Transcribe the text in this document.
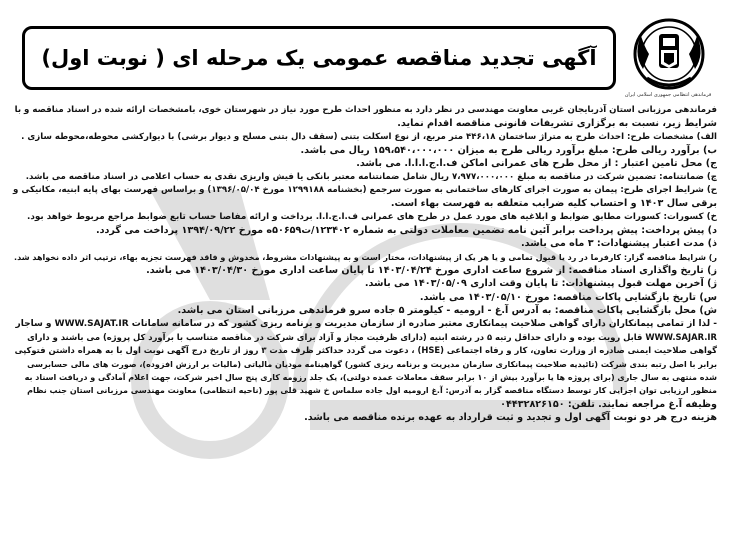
آگهی تجدید مناقصه عمومی یک مرحله ای ( نوبت اول)
فرماندهی انتظامی جمهوری اسلامی ایران

فرماندهی مرزبانی استان آذربایجان غربی معاونت مهندسی در نظر دارد به منظور احداث طرح مورد نیاز در شهرستان خوی، بامشخصات ارائه شده در اسناد مناقصه و با

شرایط زیر، نسبت به برگزاری تشریفات قانونی مناقصه اقدام نماید.

الف) مشخصات طرح: احداث طرح به متراژ ساختمان ۴۴۶،۱۸ متر مربع، از نوع اسکلت بتنی (سقف دال بتنی مسلح و دیوار برشی) با دیوارکشی محوطه،محوطه سازی .

ب) برآورد ریالی طرح: مبلغ برآورد ریالی طرح به میزان ۱۵۹،۵۴۰،۰۰۰،۰۰۰ ریال می باشد.

ج) محل تامین اعتبار : از محل طرح های عمرانی اماکن ف.ا.ج.ا.ا.ا. می باشد.

چ) ضمانتنامه: تضمین شرکت در مناقصه به مبلغ ۷،۹۷۷،۰۰۰،۰۰۰ ریال شامل ضمانتنامه معتبر بانکی یا فیش واریزی نقدی به حساب اعلامی در اسناد مناقصه می باشد.

ح) شرایط اجرای طرح: پیمان به صورت اجرای کارهای ساختمانی به صورت سرجمع (بخشنامه ۱۲۹۹۱۸۸ مورخ ۱۳۹۶/۰۵/۰۴) و براساس فهرست بهای پایه ابنیه، مکانیکی و

برقی سال ۱۴۰۳ و احتساب کلیه ضرایب متعلقه به فهرست بهاء است.

خ) کسورات: کسورات مطابق ضوابط و ابلاغیه های مورد عمل در طرح های عمرانی ف.ا.ج.ا.ا. برداخت و ارائه مفاصا حساب تابع ضوابط مراجع مربوط خواهد بود.

د) پیش پرداخت: پیش پرداخت برابر آئین نامه تضمین معاملات دولتی به شماره ۱۲۳۴۰۲/ت۵۰۶۵۹ه مورخ ۱۳۹۴/۰۹/۲۲ پرداخت می گردد.

ذ) مدت اعتبار پیشنهادات: ۳ ماه می باشد.

ر) شرایط مناقصه گزار: کارفرما در رد یا قبول تمامی و یا هر یک از پیشنهادات، مختار است و به پیشنهادات مشروط، مخدوش و فاقد فهرست تجزیه بهاء، ترتیب اثر داده نخواهد شد.

ز) تاریخ واگذاری اسناد مناقصه: از شروع ساعت اداری مورخ ۱۴۰۳/۰۴/۲۴ تا پایان ساعت اداری مورخ ۱۴۰۳/۰۴/۳۰ می باشد.

ژ) آخرین مهلت قبول پیشنهادات: تا پایان وقت اداری ۱۴۰۳/۰۵/۰۹ می باشد.

س) تاریخ بازگشایی پاکات مناقصه: مورخ ۱۴۰۳/۰۵/۱۰ می باشد.

ش) محل بازگشایی پاکات مناقصه: به آدرس آ.غ - ارومیه - کیلومتر ۵ جاده سرو فرماندهی مرزبانی استان می باشد.

- لذا از تمامی پیمانکاران دارای گواهی صلاحیت پیمانکاری معتبر صادره از سازمان مدیریت و برنامه ریزی کشور که در سامانه سامانات WWW.SAJAT.IR و ساجار

WWW.SAJAR.IR قابل رویت بوده و دارای حداقل رتبه ۵ در رشته ابنیه (دارای ظرفیت مجاز و آزاد برای شرکت در مناقصه متناسب با برآورد کل پروژه) می باشند و دارای

گواهی صلاحیت ایمنی صادره از وزارت تعاون، کار و رفاه اجتماعی (HSE) ، دعوت می گردد حداکثر ظرف مدت ۳ روز از تاریخ درج آگهی نوبت اول با به همراه داشتن فتوکپی

برابر با اصل رتبه بندی شرکت (تائیدیه صلاحیت پیمانکاری سازمان مدیریت و برنامه ریزی کشور) گواهینامه مودیان مالیاتی (مالیات بر ارزش افزوده)، صورت های مالی حسابرسی

شده منتهی به سال جاری (برای پروژه ها یا برآورد بیش از ۱۰ برابر سقف معاملات عمده دولتی)، یک جلد رزومه کاری پنج سال اخیر شرکت، جهت اعلام آمادگی و دریافت اسناد به

منظور ارزیابی توان اجرایی کار توسط دستگاه مناقصه گزار به آدرس: آ.غ ارومیه اول جاده سلماس خ شهید قلی پور (ناحیه انتظامی) معاونت مهندسی مرزبانی استان جنب نظام

وظیفه آ.غ مراجعه نمایند. تلفن: ۰۴۴۳۲۸۲۶۱۵۰

هزینه درج هر دو نوبت آگهی اول و تجدید و ثبت قرارداد به عهده برنده مناقصه می باشد.
